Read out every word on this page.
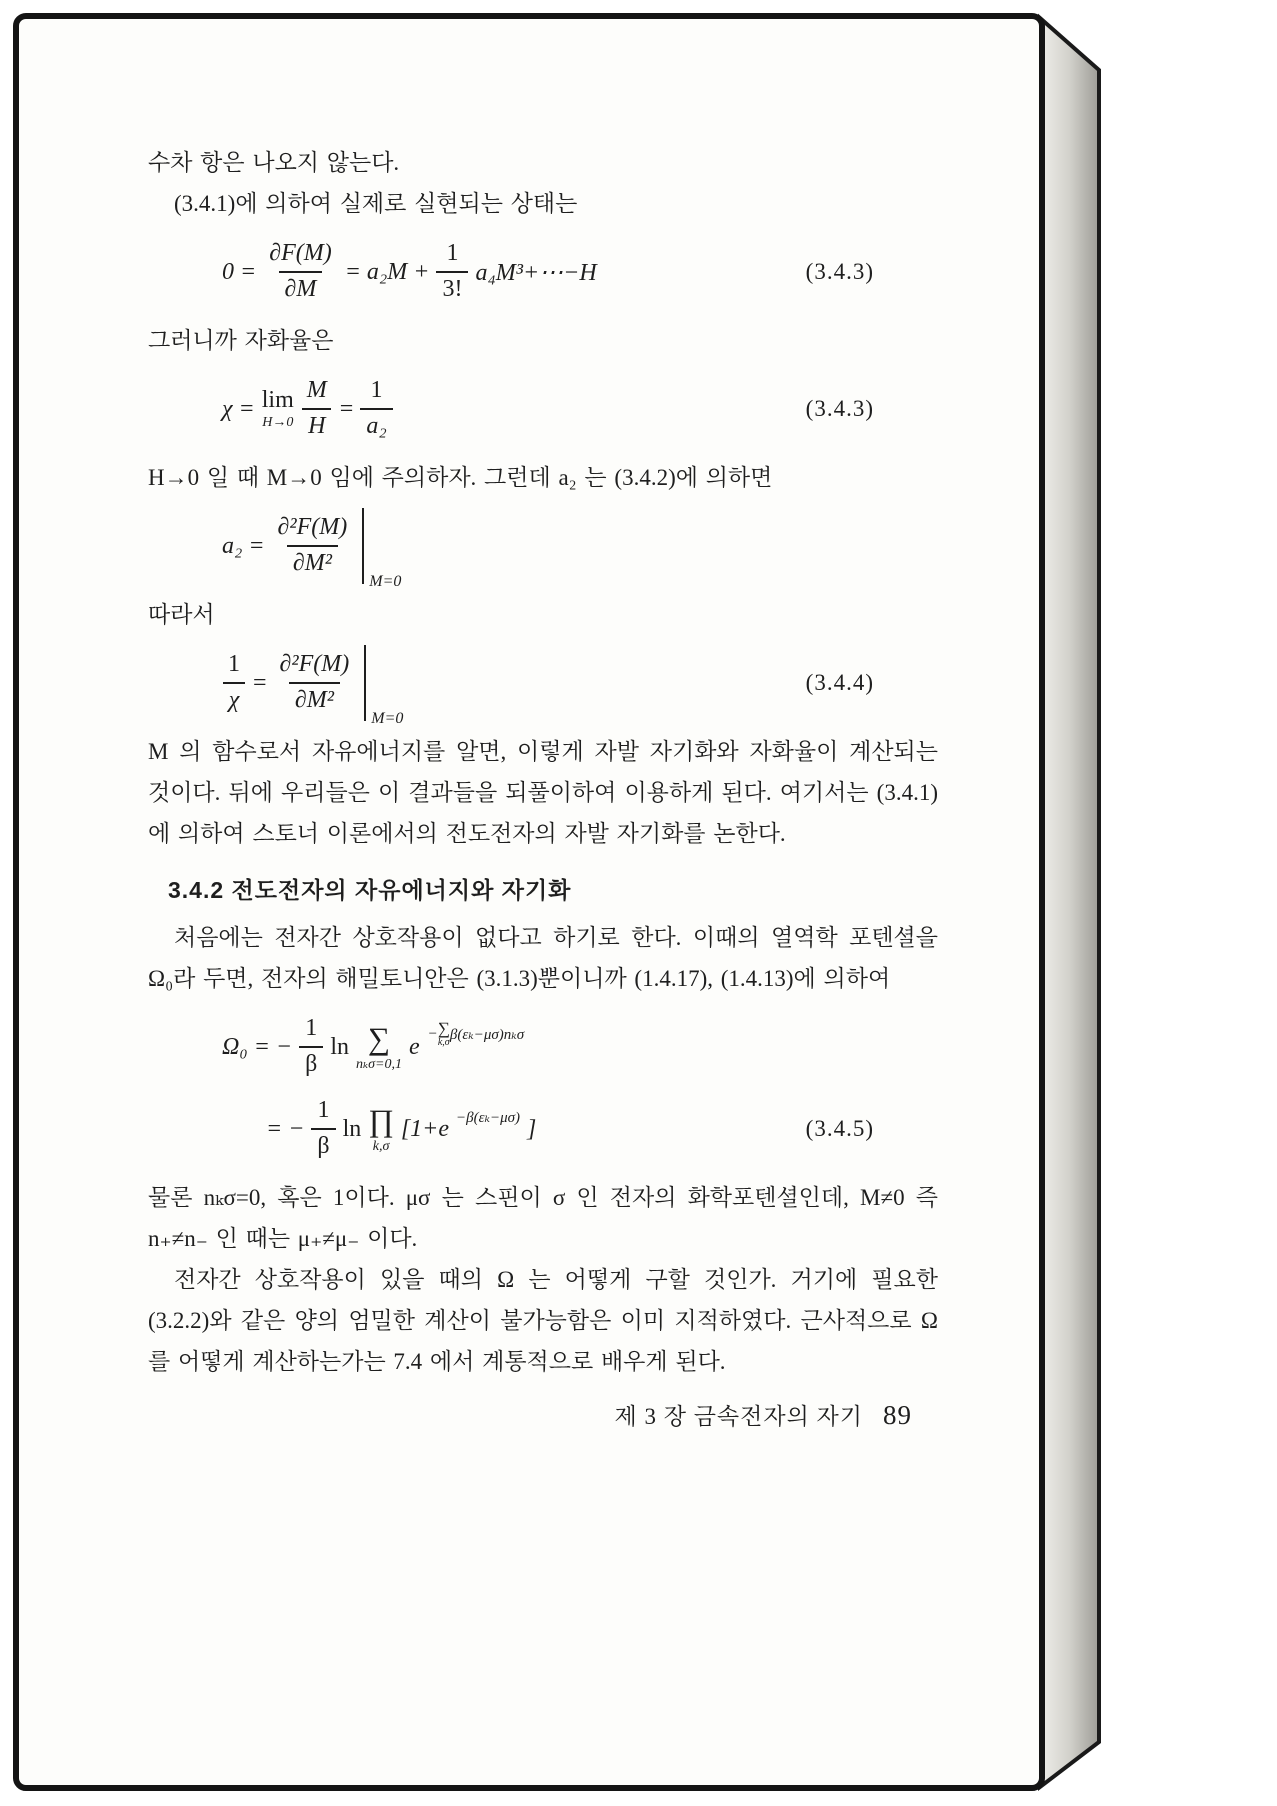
수차 항은 나오지 않는다.

(3.4.1)에 의하여 실제로 실현되는 상태는

$0 = \frac{\partial F(M)}{\partial M} = a_2M + \frac{1}{3!}$ a₄M³+⋯−H	(3.4.3)

그러니까 자화율은

χ = lim
$H\to 0 \frac{M}{H} = \frac{1}{\text{a₂}}$	(3.4.3)

H→0 일 때 M→0 임에 주의하자. 그런데 a₂ 는 (3.4.2)에 의하면

$a_2 = \frac{\text{∂²F(M)}}{\text{∂M²}}$
M=0

따라서

$\frac{1}{\chi} = \frac{\text{∂²F(M)}}{\text{∂M²}}$
M=0
(3.4.4)

M 의 함수로서 자유에너지를 알면, 이렇게 자발 자기화와 자화율이 계산되는 것이다. 뒤에 우리들은 이 결과들을 되풀이하여 이용하게 된다. 여기서는 (3.4.1)에 의하여 스토너 이론에서의 전도전자의 자발 자기화를 논한다.

3.4.2 전도전자의 자유에너지와 자기화

처음에는 전자간 상호작용이 없다고 하기로 한다. 이때의 열역학 포텐셜을 Ω₀라 두면, 전자의 해밀토니안은 (3.1.3)뿐이니까 (1.4.17), (1.4.13)에 의하여

Ω₀ = − $\frac{1}{\beta}$ ln ∑
nₖσ=0,1
e − ∑
k,σ β(εₖ−μσ)nₖσ
= − $\frac{1}{\beta}$ ln ∏
k,σ
[1+e −β(εₖ−μσ) ]	(3.4.5)

물론 nₖσ=0, 혹은 1이다. μσ 는 스핀이 σ 인 전자의 화학포텐셜인데, M≠0 즉 n₊≠n₋ 인 때는 μ₊≠μ₋ 이다.

전자간 상호작용이 있을 때의 Ω 는 어떻게 구할 것인가. 거기에 필요한 (3.2.2)와 같은 양의 엄밀한 계산이 불가능함은 이미 지적하였다. 근사적으로 Ω 를 어떻게 계산하는가는 7.4 에서 계통적으로 배우게 된다.

제 3 장 금속전자의 자기 89
